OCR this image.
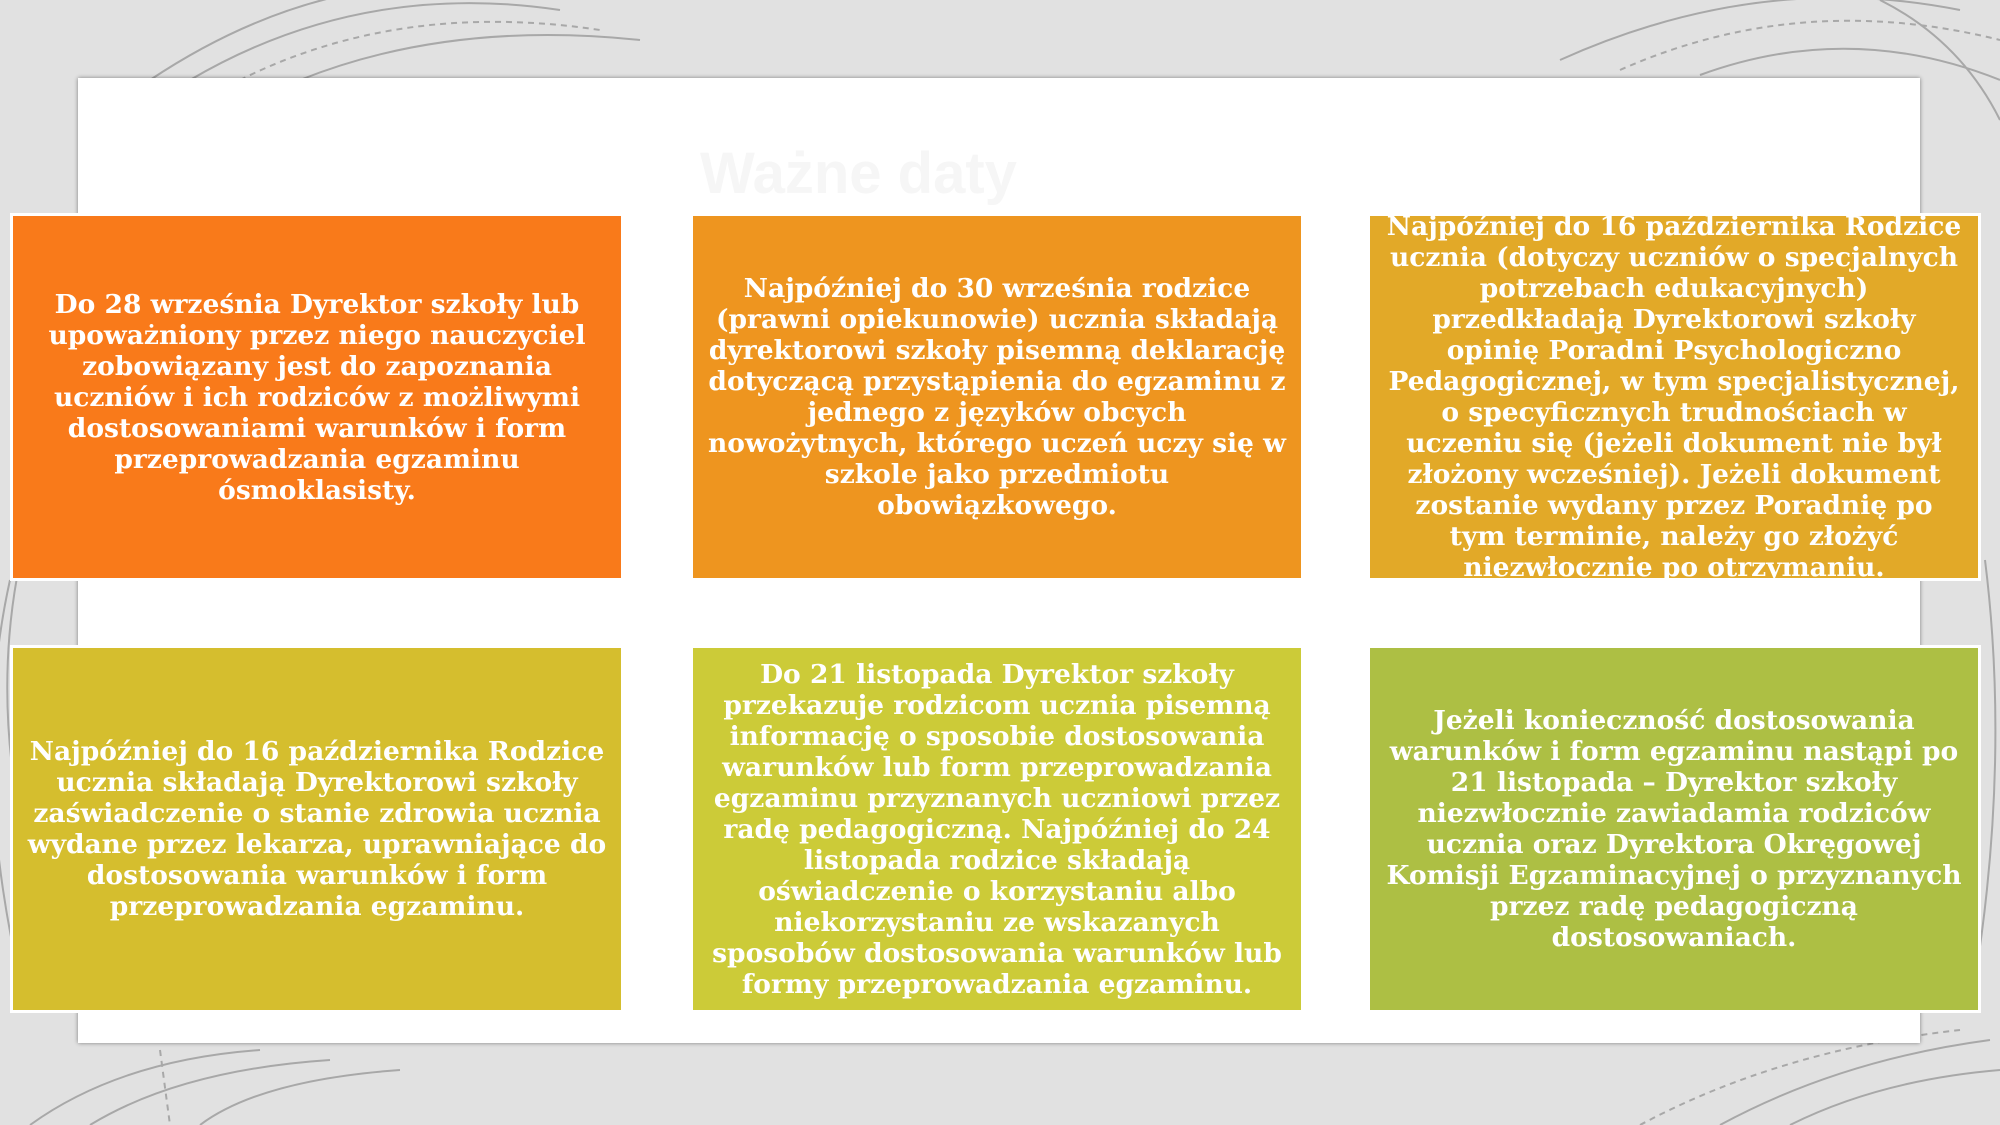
Ważne daty

Do 28 września Dyrektor szkoły lub upoważniony przez niego nauczyciel zobowiązany jest do zapoznania uczniów i ich rodziców z możliwymi dostosowaniami warunków i form przeprowadzania egzaminu ósmoklasisty.

Najpóźniej do 30 września rodzice (prawni opiekunowie) ucznia składają dyrektorowi szkoły pisemną deklarację dotyczącą przystąpienia do egzaminu z jednego z języków obcych nowożytnych, którego uczeń uczy się w szkole jako przedmiotu obowiązkowego.

Najpóźniej do 16 października Rodzice ucznia (dotyczy uczniów o specjalnych potrzebach edukacyjnych) przedkładają Dyrektorowi szkoły opinię Poradni Psychologiczno Pedagogicznej, w tym specjalistycznej, o specyficznych trudnościach w uczeniu się (jeżeli dokument nie był złożony wcześniej). Jeżeli dokument zostanie wydany przez Poradnię po tym terminie, należy go złożyć niezwłocznie po otrzymaniu.

Najpóźniej do 16 października Rodzice ucznia składają Dyrektorowi szkoły zaświadczenie o stanie zdrowia ucznia wydane przez lekarza, uprawniające do dostosowania warunków i form przeprowadzania egzaminu.

Do 21 listopada Dyrektor szkoły przekazuje rodzicom ucznia pisemną informację o sposobie dostosowania warunków lub form przeprowadzania egzaminu przyznanych uczniowi przez radę pedagogiczną. Najpóźniej do 24 listopada rodzice składają oświadczenie o korzystaniu albo niekorzystaniu ze wskazanych sposobów dostosowania warunków lub formy przeprowadzania egzaminu.

Jeżeli konieczność dostosowania warunków i form egzaminu nastąpi po 21 listopada – Dyrektor szkoły niezwłocznie zawiadamia rodziców ucznia oraz Dyrektora Okręgowej Komisji Egzaminacyjnej o przyznanych przez radę pedagogiczną dostosowaniach.
